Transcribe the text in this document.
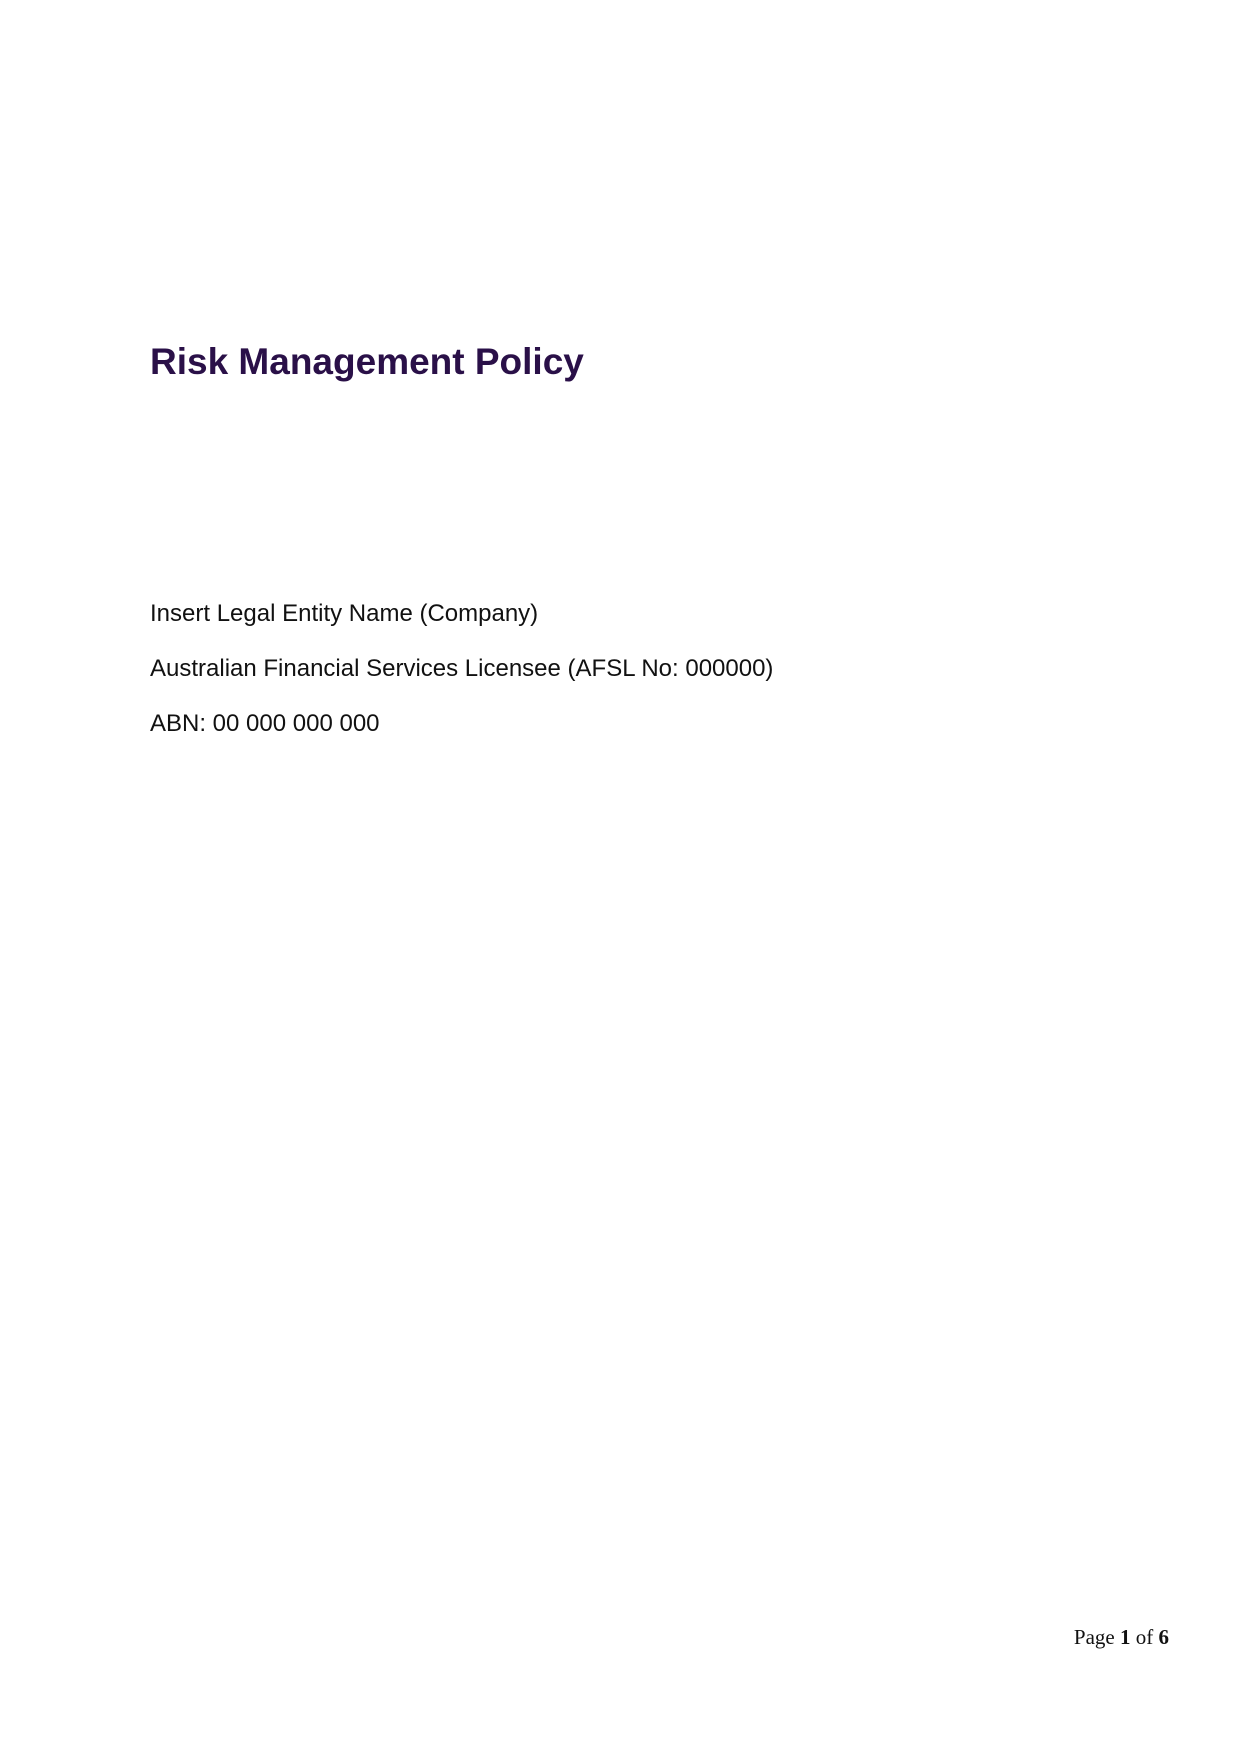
Risk Management Policy

Insert Legal Entity Name (Company)

Australian Financial Services Licensee (AFSL No: 000000)

ABN: 00 000 000 000

Page 1 of 6
